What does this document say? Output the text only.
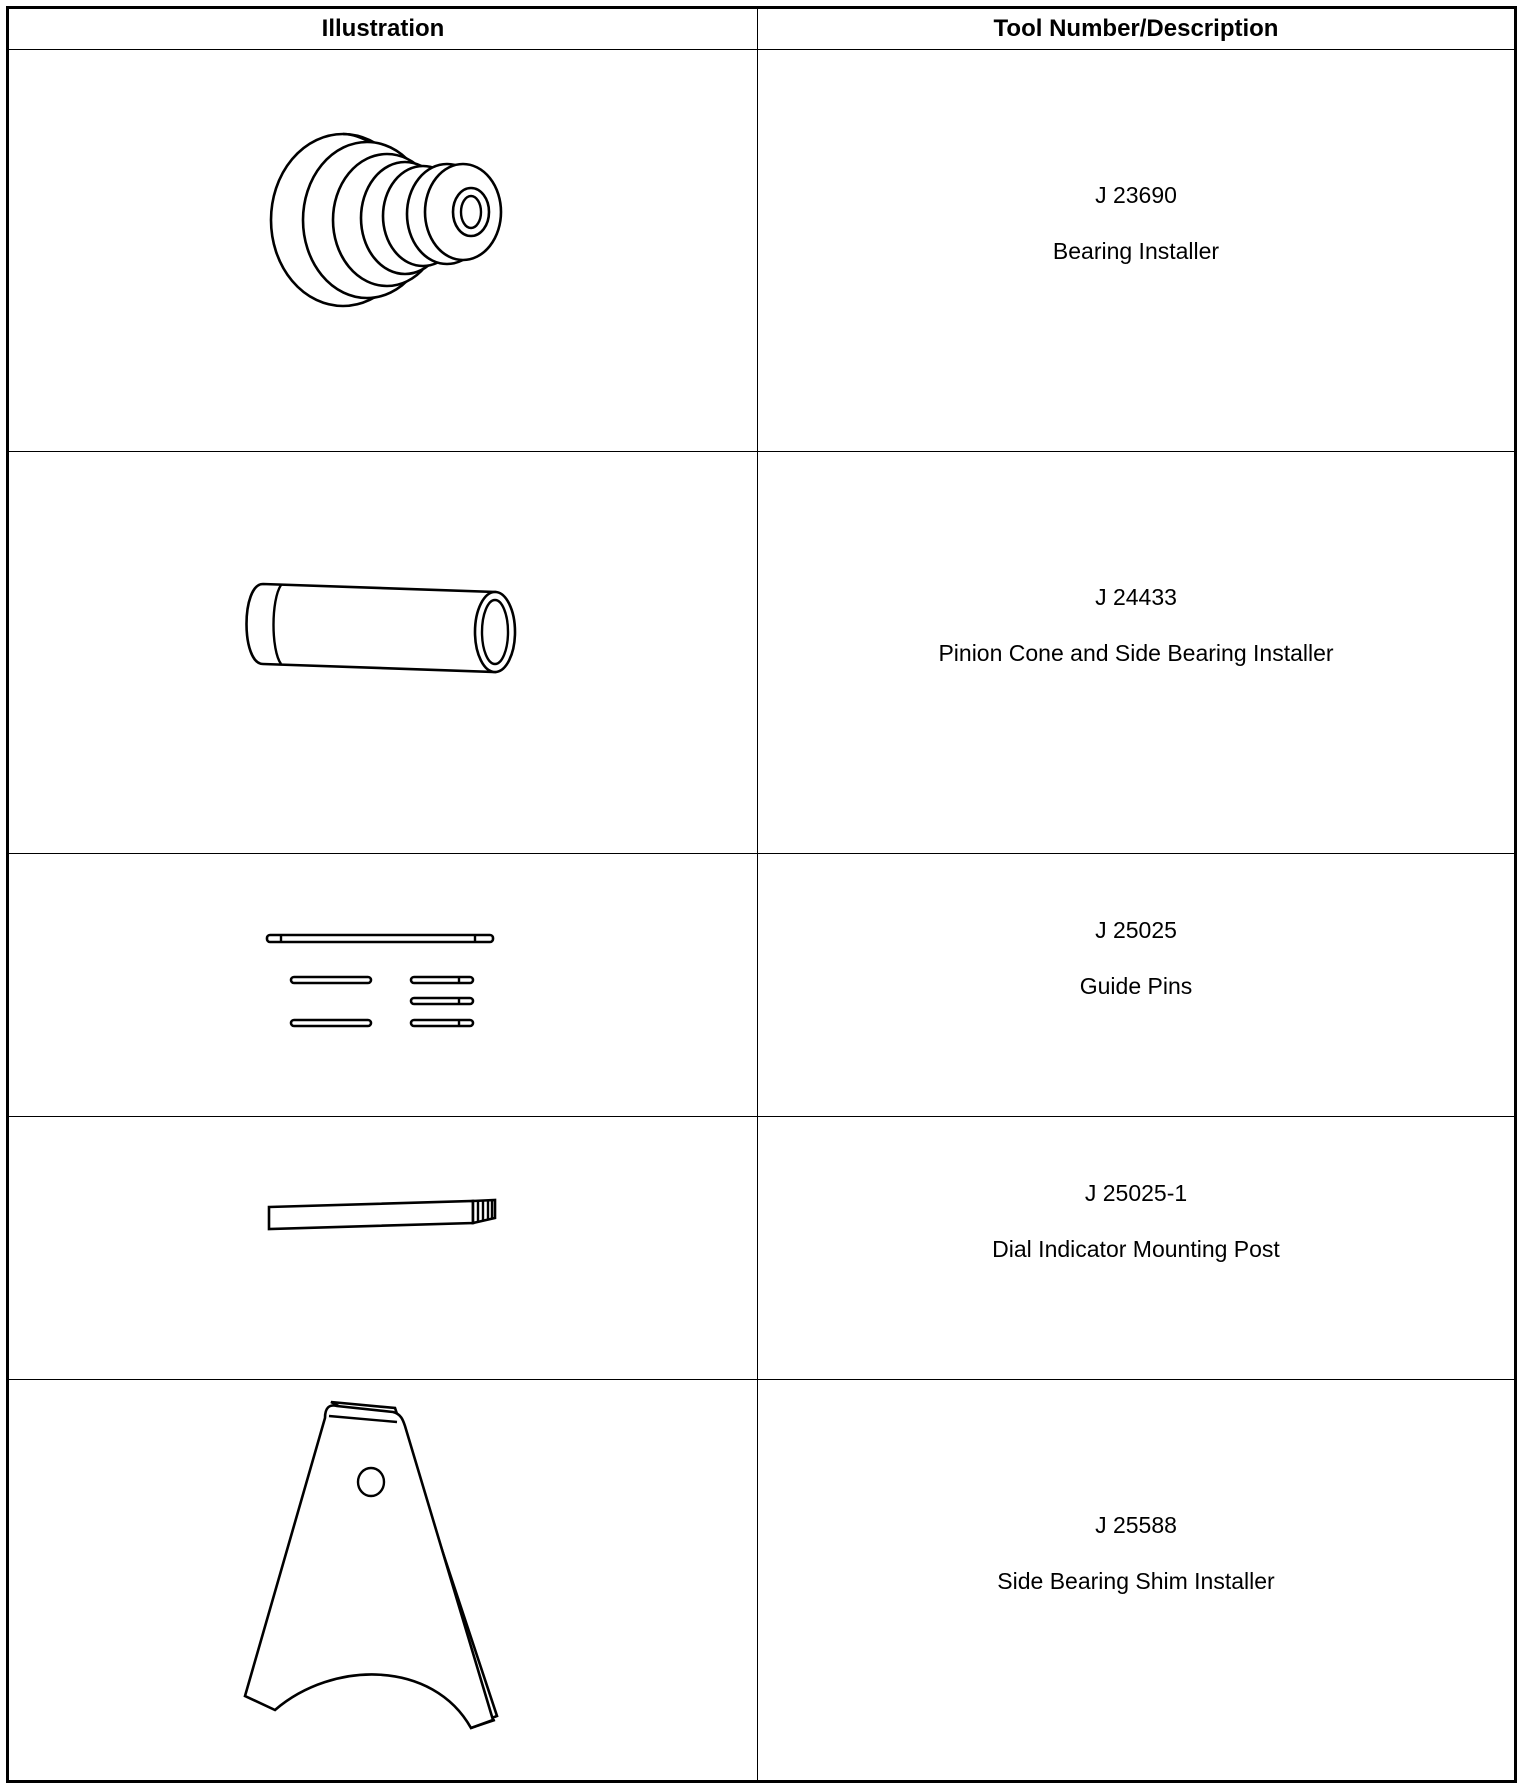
Illustration	Tool Number/Description

J 23690
Bearing Installer

J 24433
Pinion Cone and Side Bearing Installer

J 25025
Guide Pins

J 25025-1
Dial Indicator Mounting Post

J 25588
Side Bearing Shim Installer
